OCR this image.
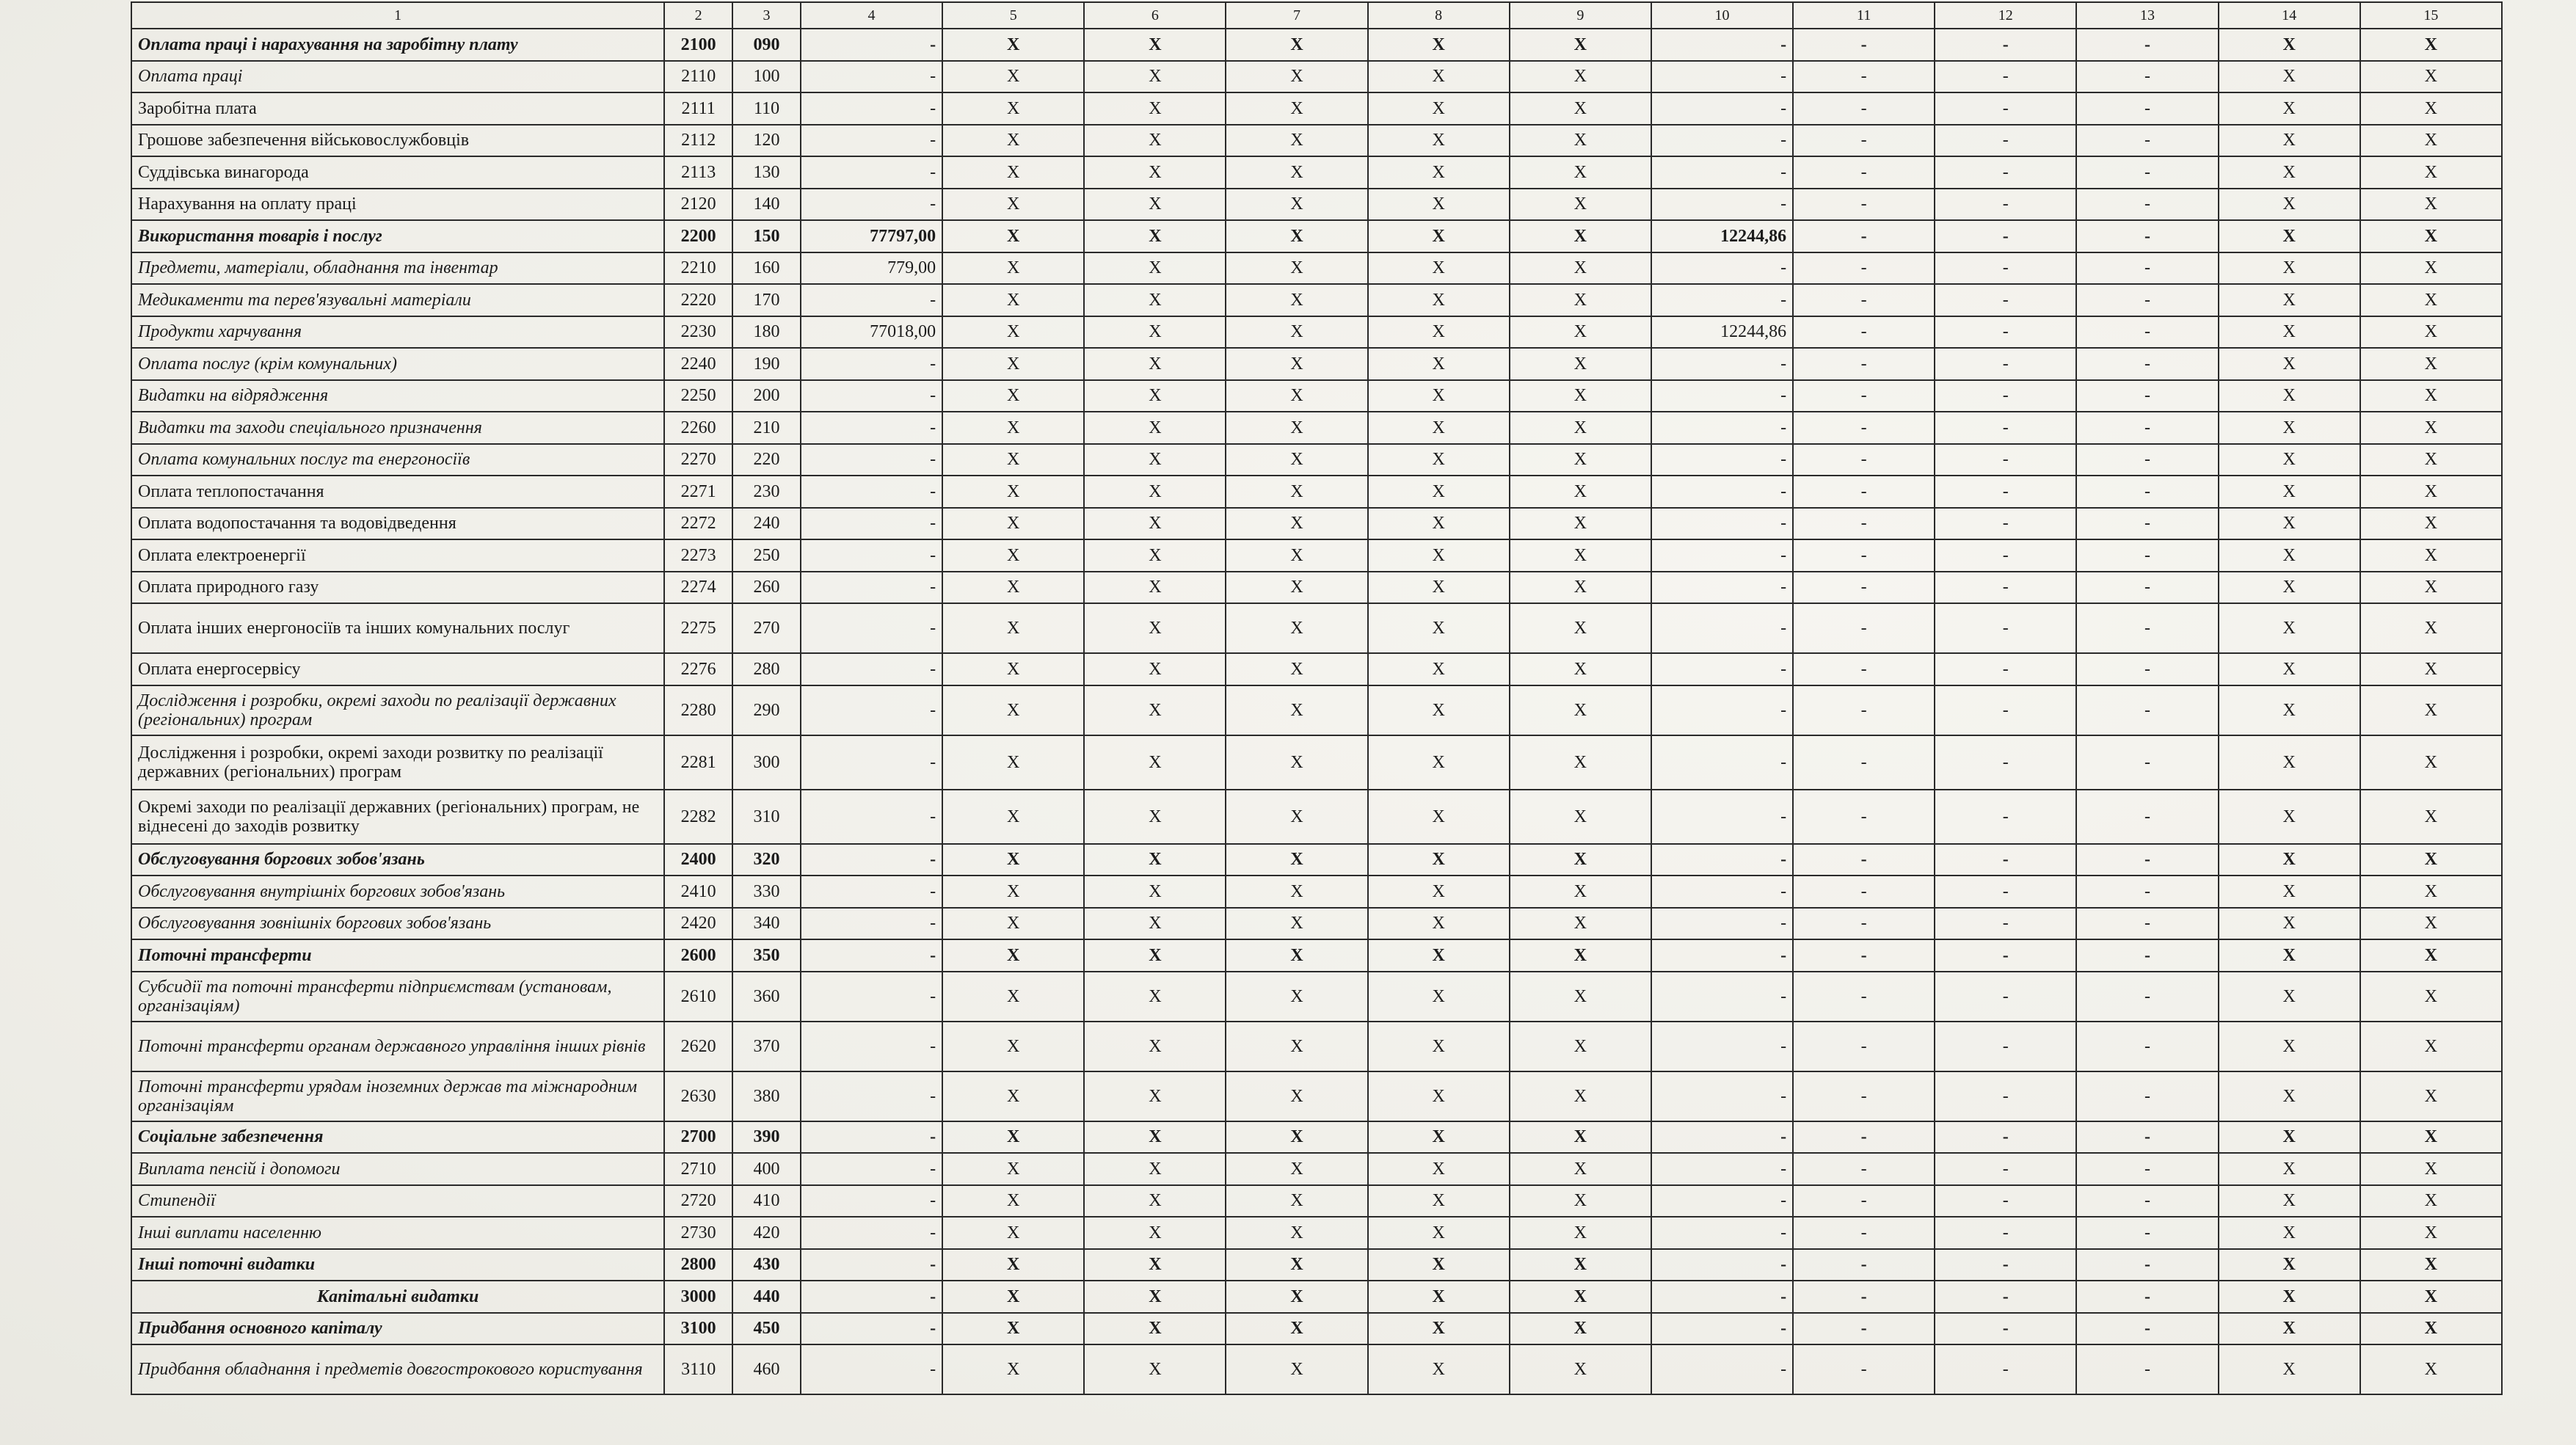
1	2	3	4	5	6	7	8	9	10	11	12	13	14	15
Оплата праці і нарахування на заробітну плату	2100	090	-	X	X	X	X	X	-	-	-	-	X	X
Оплата праці	2110	100	-	X	X	X	X	X	-	-	-	-	X	X
Заробітна плата	2111	110	-	X	X	X	X	X	-	-	-	-	X	X
Грошове забезпечення військовослужбовців	2112	120	-	X	X	X	X	X	-	-	-	-	X	X
Суддівська винагорода	2113	130	-	X	X	X	X	X	-	-	-	-	X	X
Нарахування на оплату праці	2120	140	-	X	X	X	X	X	-	-	-	-	X	X
Використання товарів і послуг	2200	150	77797,00	X	X	X	X	X	12244,86	-	-	-	X	X
Предмети, матеріали, обладнання та інвентар	2210	160	779,00	X	X	X	X	X	-	-	-	-	X	X
Медикаменти та перев'язувальні матеріали	2220	170	-	X	X	X	X	X	-	-	-	-	X	X
Продукти харчування	2230	180	77018,00	X	X	X	X	X	12244,86	-	-	-	X	X
Оплата послуг (крім комунальних)	2240	190	-	X	X	X	X	X	-	-	-	-	X	X
Видатки на відрядження	2250	200	-	X	X	X	X	X	-	-	-	-	X	X
Видатки та заходи спеціального призначення	2260	210	-	X	X	X	X	X	-	-	-	-	X	X
Оплата комунальних послуг та енергоносіїв	2270	220	-	X	X	X	X	X	-	-	-	-	X	X
Оплата теплопостачання	2271	230	-	X	X	X	X	X	-	-	-	-	X	X
Оплата водопостачання та водовідведення	2272	240	-	X	X	X	X	X	-	-	-	-	X	X
Оплата електроенергії	2273	250	-	X	X	X	X	X	-	-	-	-	X	X
Оплата природного газу	2274	260	-	X	X	X	X	X	-	-	-	-	X	X
Оплата інших енергоносіїв та інших комунальних послуг	2275	270	-	X	X	X	X	X	-	-	-	-	X	X
Оплата енергосервісу	2276	280	-	X	X	X	X	X	-	-	-	-	X	X
Дослідження і розробки, окремі заходи по реалізації державних (регіональних) програм	2280	290	-	X	X	X	X	X	-	-	-	-	X	X
Дослідження і розробки, окремі заходи розвитку по реалізації державних (регіональних) програм	2281	300	-	X	X	X	X	X	-	-	-	-	X	X
Окремі заходи по реалізації державних (регіональних) програм, не віднесені до заходів розвитку	2282	310	-	X	X	X	X	X	-	-	-	-	X	X
Обслуговування боргових зобов'язань	2400	320	-	X	X	X	X	X	-	-	-	-	X	X
Обслуговування внутрішніх боргових зобов'язань	2410	330	-	X	X	X	X	X	-	-	-	-	X	X
Обслуговування зовнішніх боргових зобов'язань	2420	340	-	X	X	X	X	X	-	-	-	-	X	X
Поточні трансферти	2600	350	-	X	X	X	X	X	-	-	-	-	X	X
Субсидії та поточні трансферти підприємствам (установам, організаціям)	2610	360	-	X	X	X	X	X	-	-	-	-	X	X
Поточні трансферти органам державного управління інших рівнів	2620	370	-	X	X	X	X	X	-	-	-	-	X	X
Поточні трансферти урядам іноземних держав та міжнародним організаціям	2630	380	-	X	X	X	X	X	-	-	-	-	X	X
Соціальне забезпечення	2700	390	-	X	X	X	X	X	-	-	-	-	X	X
Виплата пенсій і допомоги	2710	400	-	X	X	X	X	X	-	-	-	-	X	X
Стипендії	2720	410	-	X	X	X	X	X	-	-	-	-	X	X
Інші виплати населенню	2730	420	-	X	X	X	X	X	-	-	-	-	X	X
Інші поточні видатки	2800	430	-	X	X	X	X	X	-	-	-	-	X	X
Капітальні видатки	3000	440	-	X	X	X	X	X	-	-	-	-	X	X
Придбання основного капіталу	3100	450	-	X	X	X	X	X	-	-	-	-	X	X
Придбання обладнання і предметів довгострокового користування	3110	460	-	X	X	X	X	X	-	-	-	-	X	X
